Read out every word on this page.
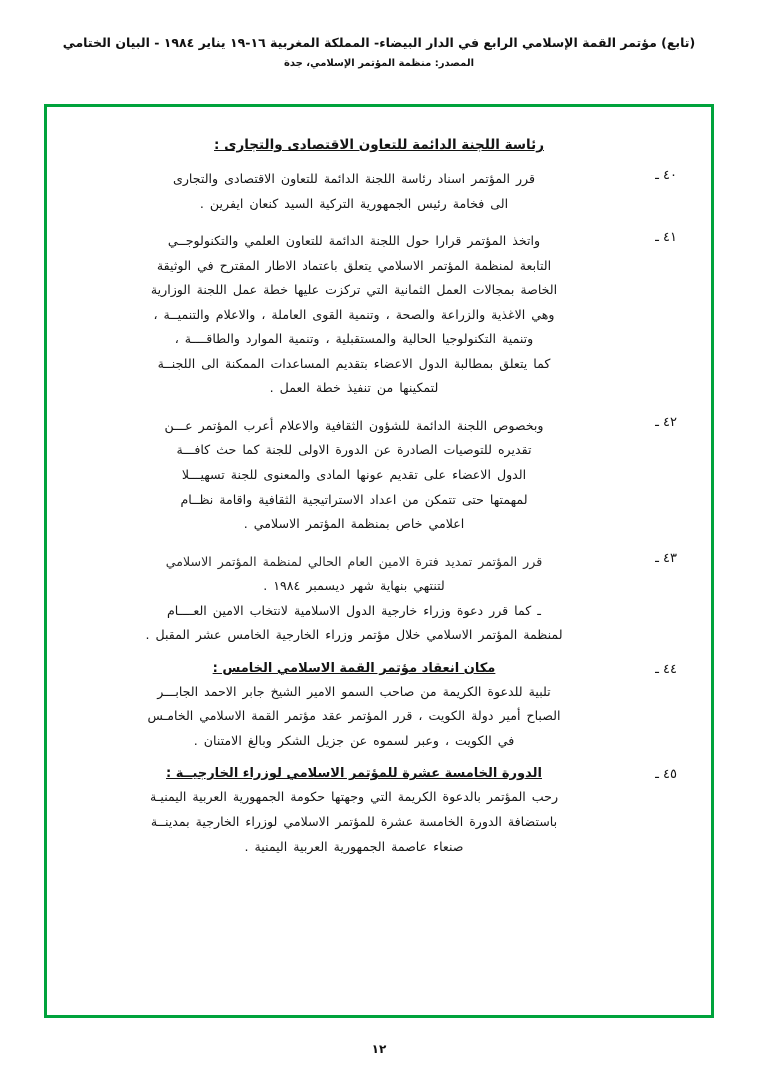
(تابع) مؤتمر القمة الإسلامي الرابع في الدار البيضاء- المملكة المغربية ١٦-١٩ يناير ١٩٨٤ - البيان الختامي
المصدر: ‏منظمة المؤتمر الإسلامي، جدة
رئاسة اللجنة الدائمة للتعاون الاقتصادى والتجارى :
٤٠ ـ
قرر المؤتمر اسناد رئاسة اللجنة الدائمة للتعاون الاقتصادى والتجارى
الى فخامة رئيس الجمهورية التركية السيد كنعان ايفرين .
٤١ ـ
واتخذ المؤتمر قرارا حول اللجنة الدائمة للتعاون العلمي والتكنولوجــي
التابعة لمنظمة المؤتمر الاسلامي يتعلق باعتماد الاطار المقترح في الوثيقة
الخاصة بمجالات العمل الثمانية التي تركزت عليها خطة عمل اللجنة الوزارية
وهي الاغذية والزراعة والصحة ، وتنمية القوى العاملة ، والاعلام والتنميــة ،
وتنمية التكنولوجيا الحالية والمستقبلية ، وتنمية الموارد والطاقــــة ،
كما يتعلق بمطالبة الدول الاعضاء بتقديم المساعدات الممكنة الى اللجنــة
لتمكينها من تنفيذ خطة العمل .
٤٢ ـ
وبخصوص اللجنة الدائمة للشؤون الثقافية والاعلام أعرب المؤتمر عـــن
تقديره للتوصيات الصادرة عن الدورة الاولى للجنة كما حث كافـــة
الدول الاعضاء على تقديم عونها المادى والمعنوى للجنة تسهيـــلا
لمهمتها حتى تتمكن من اعداد الاستراتيجية الثقافية واقامة نظــام
اعلامي خاص بمنظمة المؤتمر الاسلامي .
٤٣ ـ
قرر المؤتمر تمديد فترة الامين العام الحالي لمنظمة المؤتمر الاسلامي
لتنتهي بنهاية شهر ديسمبر ١٩٨٤ .
ـ كما قرر دعوة وزراء خارجية الدول الاسلامية لانتخاب الامين العــــام
لمنظمة المؤتمر الاسلامي خلال مؤتمر وزراء الخارجية الخامس عشر المقبل .
٤٤ ـ
مكان انعقاد مؤتمر القمة الاسلامي الخامس :
تلبية للدعوة الكريمة من صاحب السمو الامير الشيخ جابر الاحمد الجابـــر
الصباح أمير دولة الكويت ، قرر المؤتمر عقد مؤتمر القمة الاسلامي الخامـس
في الكويت ، وعبر لسموه عن جزيل الشكر وبالغ الامتنان .
٤٥ ـ
الدورة الخامسة عشرة للمؤتمر الاسلامي لوزراء الخارجيــة :
رحب المؤتمر بالدعوة الكريمة التي وجهتها حكومة الجمهورية العربية اليمنيـة
باستضافة الدورة الخامسة عشرة للمؤتمر الاسلامي لوزراء الخارجية بمدينــة
صنعاء عاصمة الجمهورية العربية اليمنية .
١٢
